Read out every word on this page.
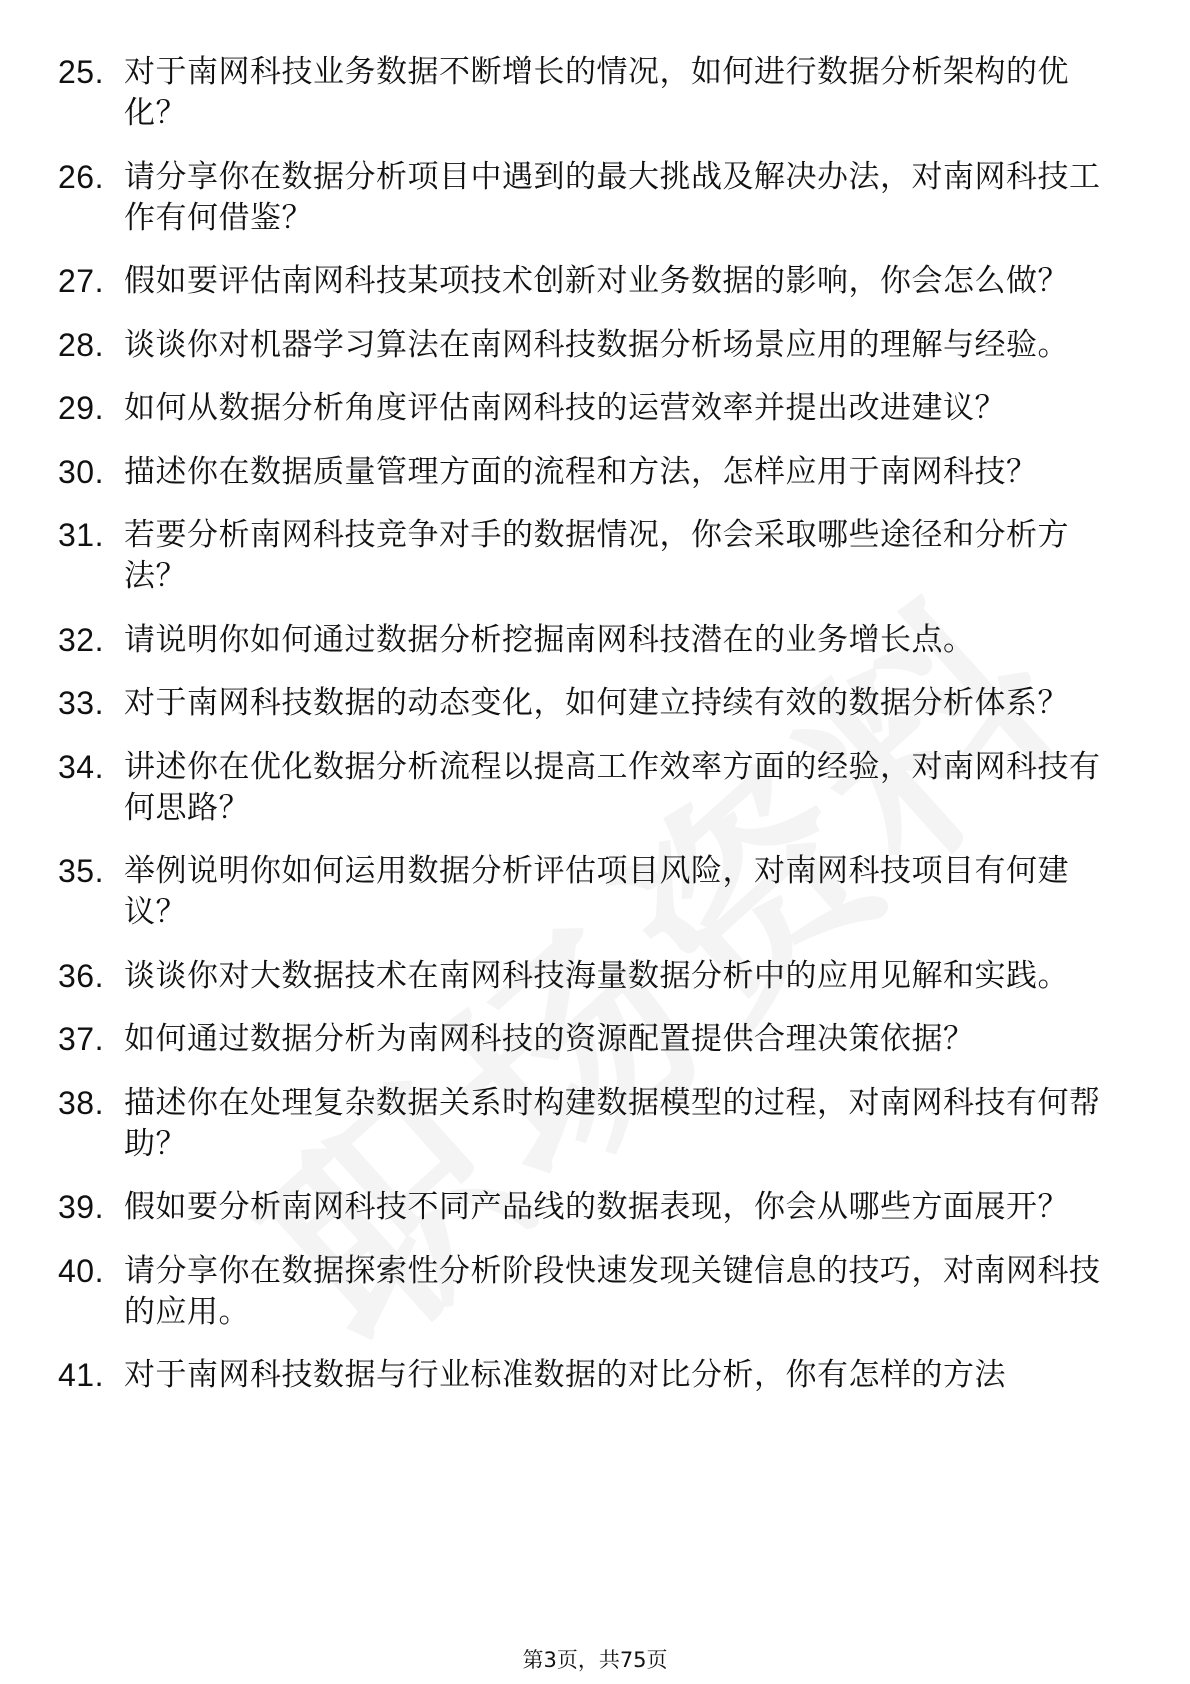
25. 对于南网科技业务数据不断增长的情况，如何进行数据分析架构的优化？
26. 请分享你在数据分析项目中遇到的最大挑战及解决办法，对南网科技工作有何借鉴？
27. 假如要评估南网科技某项技术创新对业务数据的影响，你会怎么做？
28. 谈谈你对机器学习算法在南网科技数据分析场景应用的理解与经验。
29. 如何从数据分析角度评估南网科技的运营效率并提出改进建议？
30. 描述你在数据质量管理方面的流程和方法，怎样应用于南网科技？
31. 若要分析南网科技竞争对手的数据情况，你会采取哪些途径和分析方法？
32. 请说明你如何通过数据分析挖掘南网科技潜在的业务增长点。
33. 对于南网科技数据的动态变化，如何建立持续有效的数据分析体系？
34. 讲述你在优化数据分析流程以提高工作效率方面的经验，对南网科技有何思路？
35. 举例说明你如何运用数据分析评估项目风险，对南网科技项目有何建议？
36. 谈谈你对大数据技术在南网科技海量数据分析中的应用见解和实践。
37. 如何通过数据分析为南网科技的资源配置提供合理决策依据？
38. 描述你在处理复杂数据关系时构建数据模型的过程，对南网科技有何帮助？
39. 假如要分析南网科技不同产品线的数据表现，你会从哪些方面展开？
40. 请分享你在数据探索性分析阶段快速发现关键信息的技巧，对南网科技的应用。
41. 对于南网科技数据与行业标准数据的对比分析，你有怎样的方法
第3页，共75页
